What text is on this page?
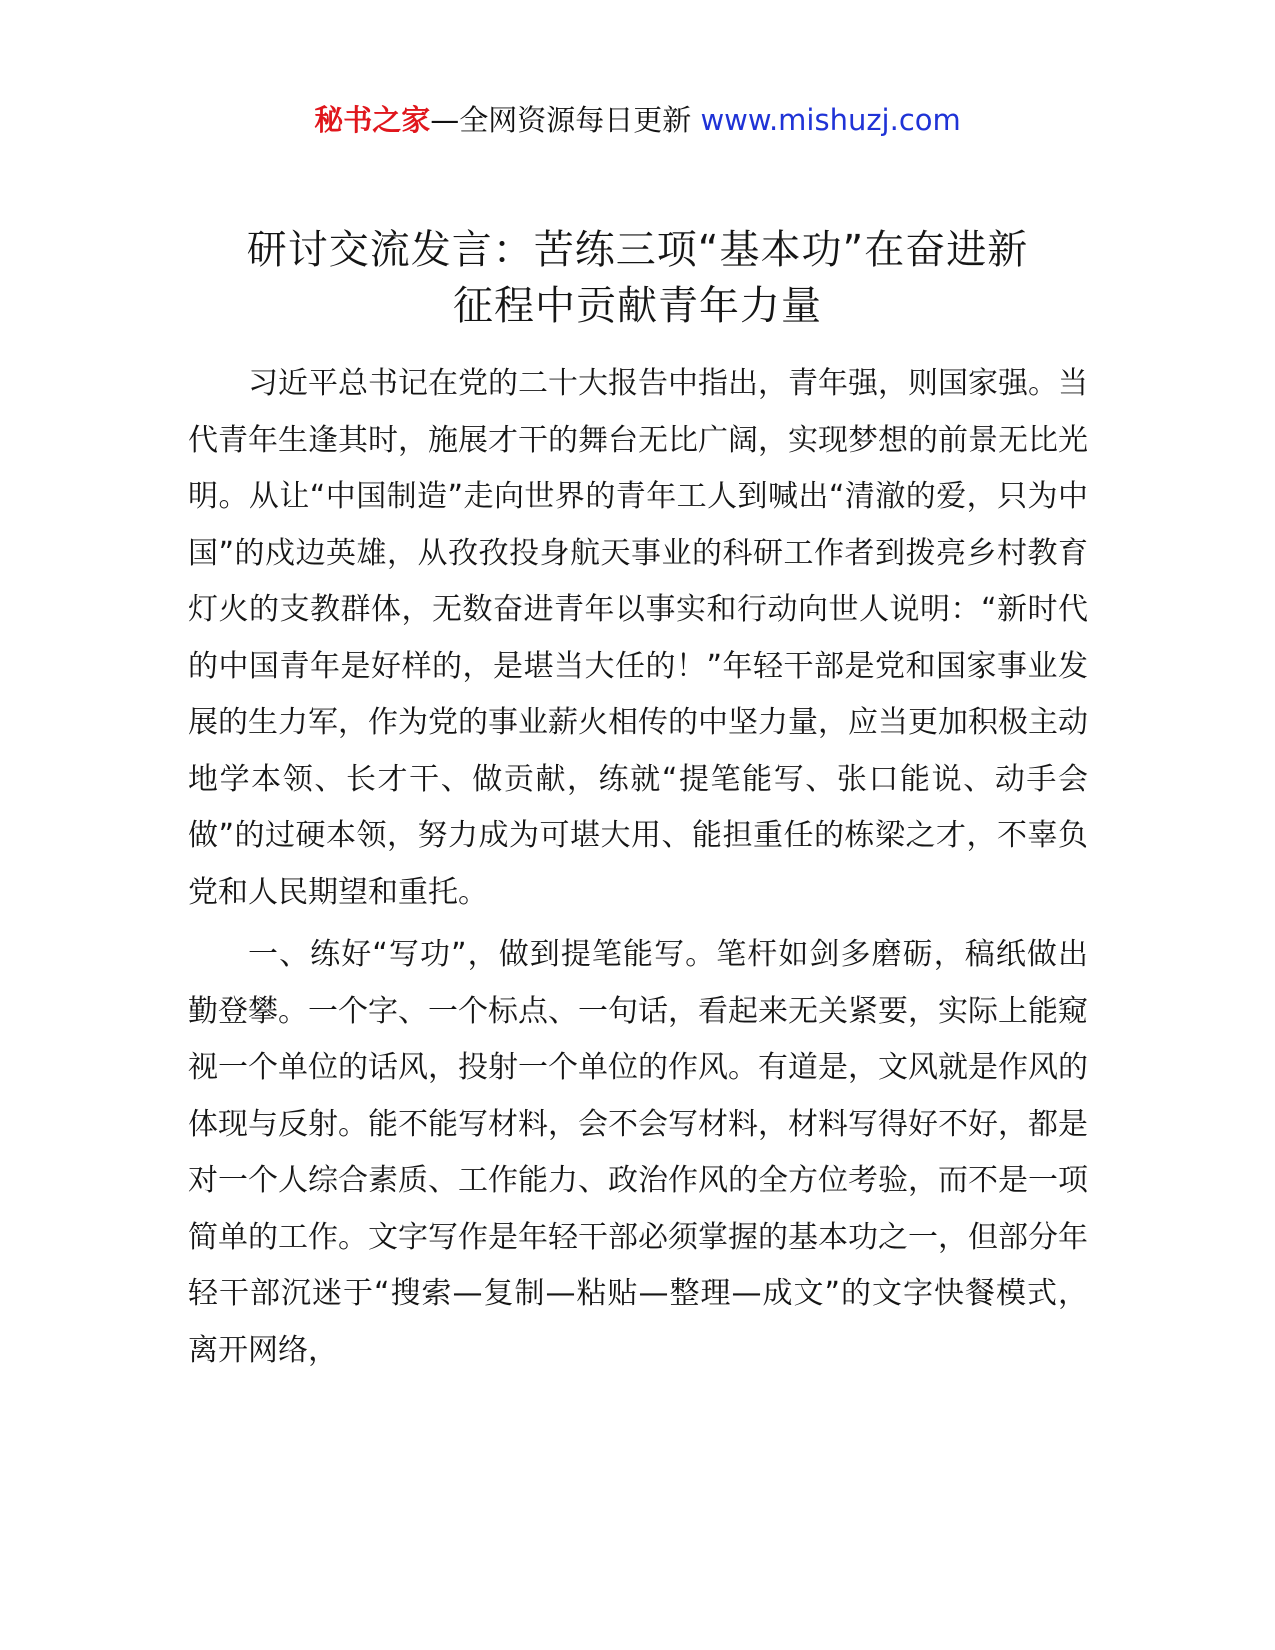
秘书之家—全网资源每日更新 www.mishuzj.com
研讨交流发言：苦练三项“基本功”在奋进新
征程中贡献青年力量

习近平总书记在党的二十大报告中指出，青年强，则国家强。当代青年生逢其时，施展才干的舞台无比广阔，实现梦想的前景无比光明。从让“中国制造”走向世界的青年工人到喊出“清澈的爱，只为中国”的戍边英雄，从孜孜投身航天事业的科研工作者到拨亮乡村教育灯火的支教群体，无数奋进青年以事实和行动向世人说明：“新时代的中国青年是好样的，是堪当大任的！”年轻干部是党和国家事业发展的生力军，作为党的事业薪火相传的中坚力量，应当更加积极主动地学本领、长才干、做贡献，练就“提笔能写、张口能说、动手会做”的过硬本领，努力成为可堪大用、能担重任的栋梁之才，不辜负党和人民期望和重托。

一、练好“写功”，做到提笔能写。笔杆如剑多磨砺，稿纸做出勤登攀。一个字、一个标点、一句话，看起来无关紧要，实际上能窥视一个单位的话风，投射一个单位的作风。有道是，文风就是作风的体现与反射。能不能写材料，会不会写材料，材料写得好不好，都是对一个人综合素质、工作能力、政治作风的全方位考验，而不是一项简单的工作。文字写作是年轻干部必须掌握的基本功之一，但部分年轻干部沉迷于“搜索—复制—粘贴—整理—成文”的文字快餐模式，离开网络，
